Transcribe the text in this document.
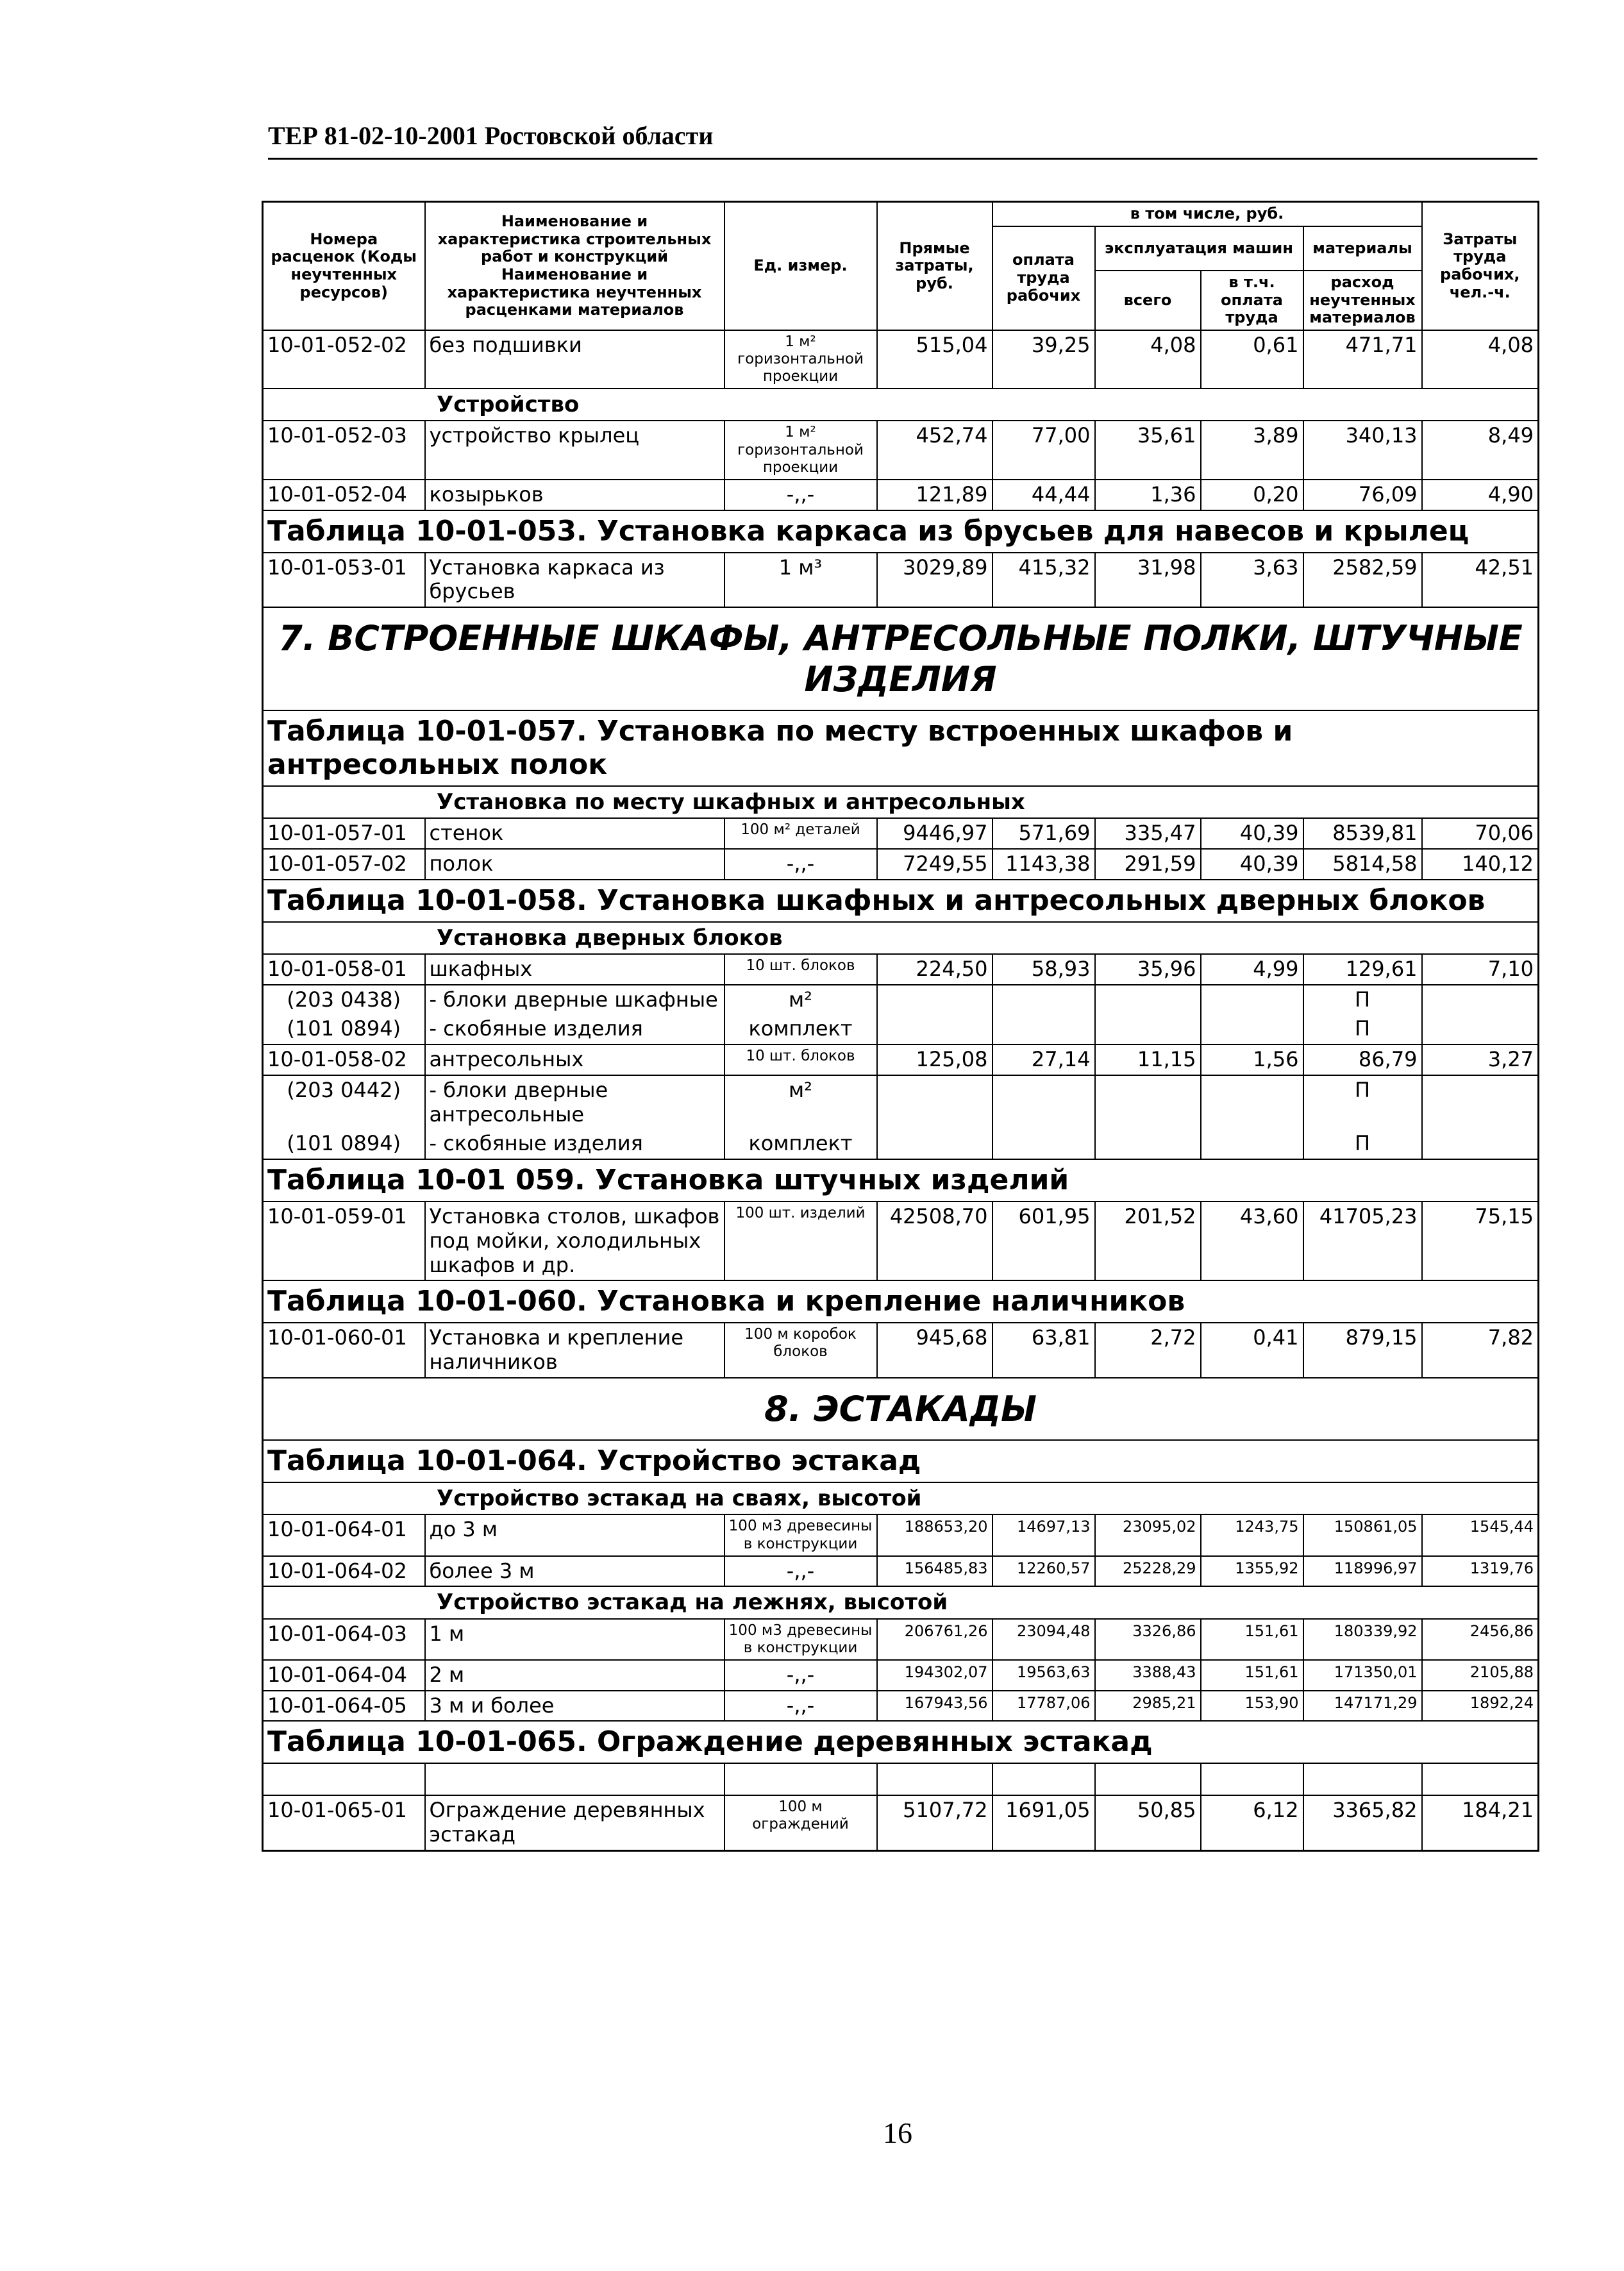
ТЕР 81-02-10-2001 Ростовской области
Номера расценок (Коды неучтенных ресурсов)	Наименование и характеристика строительных работ и конструкций Наименование и характеристика неучтенных расценками материалов	Ед. измер.	Прямые затраты, руб.	в том числе, руб.				Затраты труда рабочих, чел.-ч.
				оплата труда рабочих	эксплуатация машин		материалы	
					всего	в т.ч. оплата труда	расход неучтенных материалов	
10-01-052-02	без подшивки	1 м² горизонтальной проекции	515,04	39,25	4,08	0,61	471,71	4,08
Устройство								
10-01-052-03	устройство крылец	1 м² горизонтальной проекции	452,74	77,00	35,61	3,89	340,13	8,49
10-01-052-04	козырьков	-,,-	121,89	44,44	1,36	0,20	76,09	4,90
Таблица 10-01-053. Установка каркаса из брусьев для навесов и крылец								
10-01-053-01	Установка каркаса из брусьев	1 м³	3029,89	415,32	31,98	3,63	2582,59	42,51
7. ВСТРОЕННЫЕ ШКАФЫ, АНТРЕСОЛЬНЫЕ ПОЛКИ, ШТУЧНЫЕ ИЗДЕЛИЯ								
Таблица 10-01-057. Установка по месту встроенных шкафов и антресольных полок								
Установка по месту шкафных и антресольных								
10-01-057-01	стенок	100 м² деталей	9446,97	571,69	335,47	40,39	8539,81	70,06
10-01-057-02	полок	-,,-	7249,55	1143,38	291,59	40,39	5814,58	140,12
Таблица 10-01-058. Установка шкафных и антресольных дверных блоков								
Установка дверных блоков								
10-01-058-01	шкафных	10 шт. блоков	224,50	58,93	35,96	4,99	129,61	7,10
(203 0438)	- блоки дверные шкафные	м²					П	
(101 0894)	- скобяные изделия	комплект					П	
10-01-058-02	антресольных	10 шт. блоков	125,08	27,14	11,15	1,56	86,79	3,27
(203 0442)	- блоки дверные антресольные	м²					П	
(101 0894)	- скобяные изделия	комплект					П	
Таблица 10-01 059. Установка штучных изделий								
10-01-059-01	Установка столов, шкафов под мойки, холодильных шкафов и др.	100 шт. изделий	42508,70	601,95	201,52	43,60	41705,23	75,15
Таблица 10-01-060. Установка и крепление наличников								
10-01-060-01	Установка и крепление наличников	100 м коробок блоков	945,68	63,81	2,72	0,41	879,15	7,82
8. ЭСТАКАДЫ								
Таблица 10-01-064. Устройство эстакад								
Устройство эстакад на сваях, высотой								
10-01-064-01	до 3 м	100 м3 древесины в конструкции	188653,20	14697,13	23095,02	1243,75	150861,05	1545,44
10-01-064-02	более 3 м	-,,-	156485,83	12260,57	25228,29	1355,92	118996,97	1319,76
Устройство эстакад на лежнях, высотой								
10-01-064-03	1 м	100 м3 древесины в конструкции	206761,26	23094,48	3326,86	151,61	180339,92	2456,86
10-01-064-04	2 м	-,,-	194302,07	19563,63	3388,43	151,61	171350,01	2105,88
10-01-064-05	3 м и более	-,,-	167943,56	17787,06	2985,21	153,90	147171,29	1892,24
Таблица 10-01-065. Ограждение деревянных эстакад								

10-01-065-01	Ограждение деревянных эстакад	100 м ограждений	5107,72	1691,05	50,85	6,12	3365,82	184,21
16
